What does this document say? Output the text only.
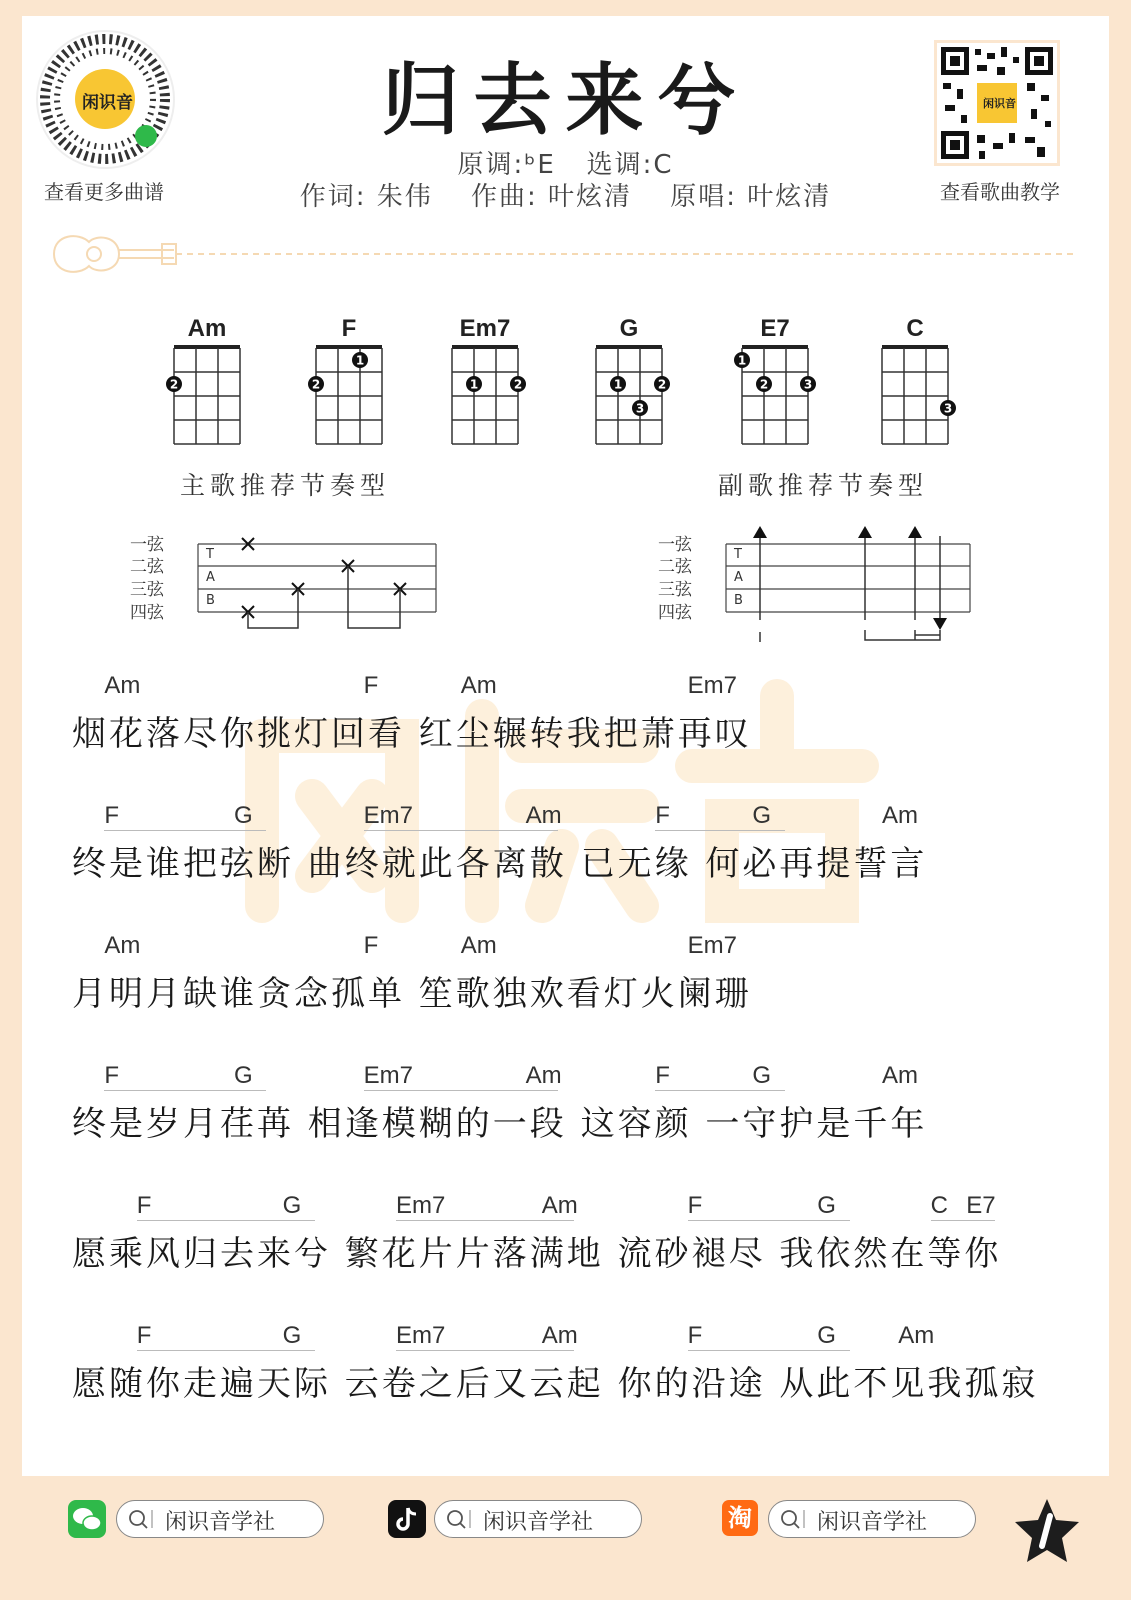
闲识音
查看更多曲谱
闲识音
查看歌曲教学
归去来兮
原调:ᵇE 选调:C
作词: 朱伟 作曲: 叶炫清 原唱: 叶炫清
Am
2
F
1
2
Em7
1	2
G
1	2
3
E7
1
2	3
C
3
主歌推荐节奏型	副歌推荐节奏型
一弦
二弦
三弦
四弦
T
A
B
一弦
二弦
三弦
四弦
T
A
B
烟花落尽你挑灯回看 红尘辗转我把萧再叹
Am	F	Am	Em7
终是谁把弦断 曲终就此各离散 已无缘 何必再提誓言
F	G	Em7	Am	F	G	Am
月明月缺谁贪念孤单 笙歌独欢看灯火阑珊
Am	F	Am	Em7
终是岁月荏苒 相逢模糊的一段 这容颜 一守护是千年
F	G	Em7	Am	F	G	Am
愿乘风归去来兮 繁花片片落满地 流砂褪尽 我依然在等你
F	G	Em7	Am	F	G	C E7
愿随你走遍天际 云卷之后又云起 你的沿途 从此不见我孤寂
F	G	Em7	Am	F	G	Am
闲识音学社	闲识音学社	淘	闲识音学社
